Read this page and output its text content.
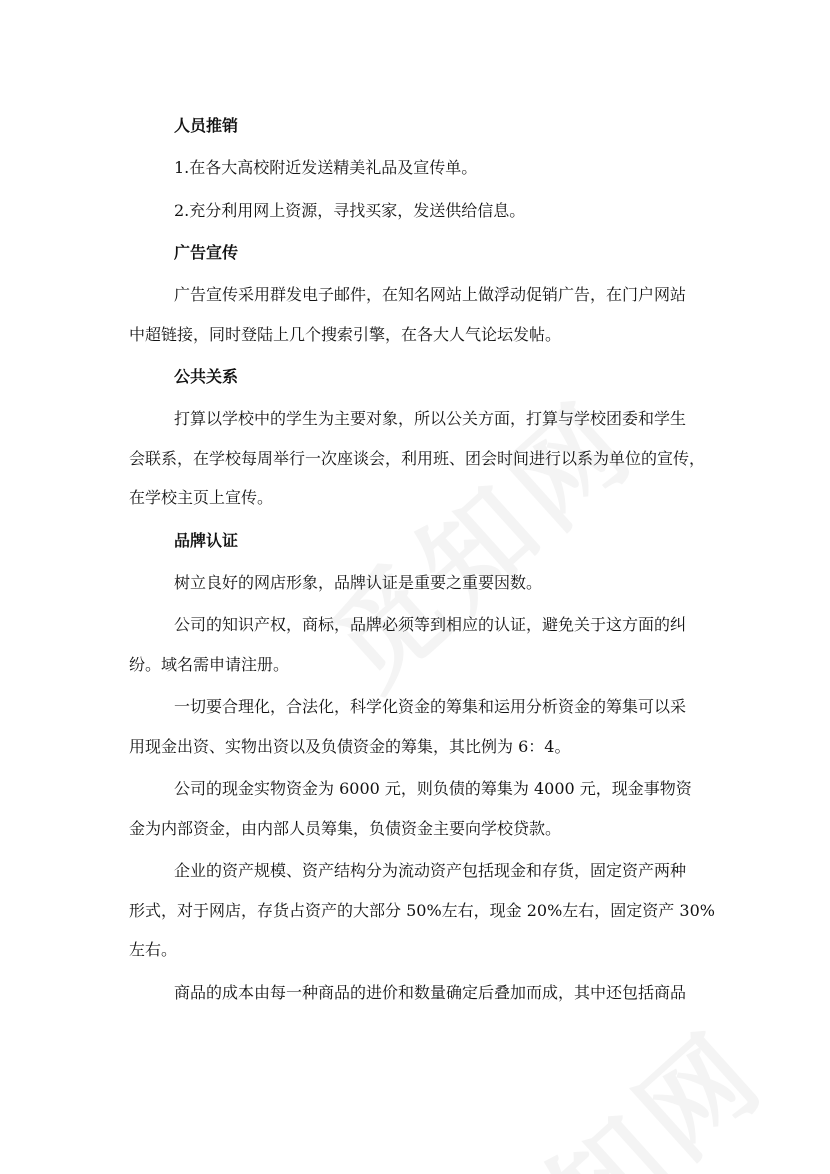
人员推销

1.在各大高校附近发送精美礼品及宣传单。

2.充分利用网上资源，寻找买家，发送供给信息。

广告宣传

广告宣传采用群发电子邮件，在知名网站上做浮动促销广告，在门户网站
中超链接，同时登陆上几个搜索引擎，在各大人气论坛发帖。

公共关系

打算以学校中的学生为主要对象，所以公关方面，打算与学校团委和学生
会联系，在学校每周举行一次座谈会，利用班、团会时间进行以系为单位的宣传，
在学校主页上宣传。

品牌认证

树立良好的网店形象，品牌认证是重要之重要因数。

公司的知识产权，商标，品牌必须等到相应的认证，避免关于这方面的纠
纷。域名需申请注册。

一切要合理化，合法化，科学化资金的筹集和运用分析资金的筹集可以采
用现金出资、实物出资以及负债资金的筹集，其比例为 6：4。

公司的现金实物资金为 6000 元，则负债的筹集为 4000 元，现金事物资
金为内部资金，由内部人员筹集，负债资金主要向学校贷款。

企业的资产规模、资产结构分为流动资产包括现金和存货，固定资产两种
形式，对于网店，存货占资产的大部分 50%左右，现金 20%左右，固定资产 30%
左右。

商品的成本由每一种商品的进价和数量确定后叠加而成，其中还包括商品
